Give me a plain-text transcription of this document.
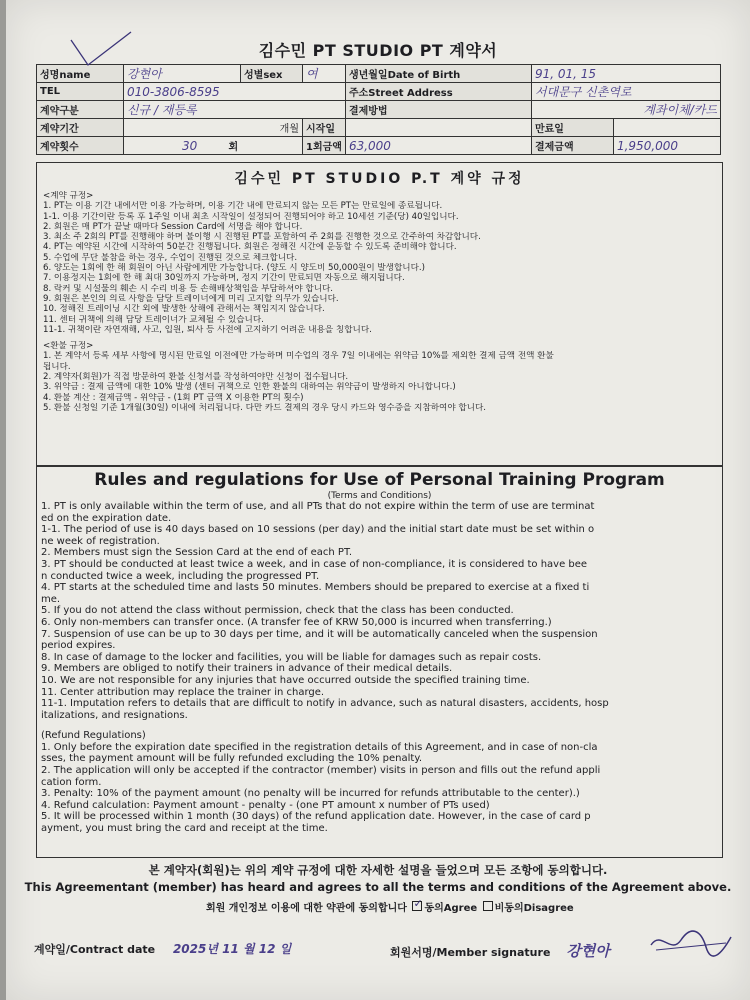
김수민 PT STUDIO PT 계약서
성명name	강현아	성별sex	여	생년월일Date of Birth	91, 01, 15	
TEL	010-3806-8595			주소Street Address	서대문구 신촌역로	
계약구분	신규 / 재등록			결제방법	계좌이체/카드	
계약기간	개월		시작일		만료일	
계약횟수	30 회		1회금액	63,000	결제금액	1,950,000
김수민 PT STUDIO P.T 계약 규정
<계약 규정>
1. PT는 이용 기간 내에서만 이용 가능하며, 이용 기간 내에 만료되지 않는 모든 PT는 만료일에 종료됩니다.
1-1. 이용 기간이란 등록 후 1주일 이내 최초 시작일이 설정되어 진행되어야 하고 10세션 기준(당) 40일입니다.
2. 회원은 매 PT가 끝날 때마다 Session Card에 서명을 해야 합니다.
3. 최소 주 2회의 PT를 진행해야 하며 불이행 시 진행된 PT를 포함하여 주 2회를 진행한 것으로 간주하여 차감합니다.
4. PT는 예약된 시간에 시작하여 50분간 진행됩니다. 회원은 정해진 시간에 운동할 수 있도록 준비해야 합니다.
5. 수업에 무단 불참을 하는 경우, 수업이 진행된 것으로 체크합니다.
6. 양도는 1회에 한 해 회원이 아닌 사람에게만 가능합니다. (양도 시 양도비 50,000원이 발생합니다.)
7. 이용정지는 1회에 한 해 최대 30일까지 가능하며, 정지 기간이 만료되면 자동으로 해지됩니다.
8. 락커 및 시설물의 훼손 시 수리 비용 등 손해배상책임을 부담하셔야 합니다.
9. 회원은 본인의 의료 사항을 담당 트레이너에게 미리 고지할 의무가 있습니다.
10. 정해진 트레이닝 시간 외에 발생한 상해에 관해서는 책임지지 않습니다.
11. 센터 귀책에 의해 담당 트레이너가 교체될 수 있습니다.
11-1. 귀책이란 자연재해, 사고, 입원, 퇴사 등 사전에 고지하기 어려운 내용을 칭합니다.
<환불 규정>
1. 본 계약서 등록 세부 사항에 명시된 만료일 이전에만 가능하며 미수업의 경우 7일 이내에는 위약금 10%를 제외한 결제 금액 전액 환불
됩니다.
2. 계약자(회원)가 직접 방문하여 환불 신청서를 작성하여야만 신청이 접수됩니다.
3. 위약금 : 결제 금액에 대한 10% 발생 (센터 귀책으로 인한 환불의 대하여는 위약금이 발생하지 아니합니다.)
4. 환불 계산 : 결제금액 - 위약금 - (1회 PT 금액 X 이용한 PT의 횟수)
5. 환불 신청일 기준 1개월(30일) 이내에 처리됩니다. 다만 카드 결제의 경우 당시 카드와 영수증을 지참하여야 합니다.
Rules and regulations for Use of Personal Training Program
(Terms and Conditions)
1. PT is only available within the term of use, and all PTs that do not expire within the term of use are terminat
ed on the expiration date.
1-1. The period of use is 40 days based on 10 sessions (per day) and the initial start date must be set within o
ne week of registration.
2. Members must sign the Session Card at the end of each PT.
3. PT should be conducted at least twice a week, and in case of non-compliance, it is considered to have bee
n conducted twice a week, including the progressed PT.
4. PT starts at the scheduled time and lasts 50 minutes. Members should be prepared to exercise at a fixed ti
me.
5. If you do not attend the class without permission, check that the class has been conducted.
6. Only non-members can transfer once. (A transfer fee of KRW 50,000 is incurred when transferring.)
7. Suspension of use can be up to 30 days per time, and it will be automatically canceled when the suspension
period expires.
8. In case of damage to the locker and facilities, you will be liable for damages such as repair costs.
9. Members are obliged to notify their trainers in advance of their medical details.
10. We are not responsible for any injuries that have occurred outside the specified training time.
11. Center attribution may replace the trainer in charge.
11-1. Imputation refers to details that are difficult to notify in advance, such as natural disasters, accidents, hosp
italizations, and resignations.
(Refund Regulations)
1. Only before the expiration date specified in the registration details of this Agreement, and in case of non-cla
sses, the payment amount will be fully refunded excluding the 10% penalty.
2. The application will only be accepted if the contractor (member) visits in person and fills out the refund appli
cation form.
3. Penalty: 10% of the payment amount (no penalty will be incurred for refunds attributable to the center).)
4. Refund calculation: Payment amount - penalty - (one PT amount x number of PTs used)
5. It will be processed within 1 month (30 days) of the refund application date. However, in the case of card p
ayment, you must bring the card and receipt at the time.
본 계약자(회원)는 위의 계약 규정에 대한 자세한 설명을 들었으며 모든 조항에 동의합니다.
This Agreementant (member) has heard and agrees to all the terms and conditions of the Agreement above.
회원 개인정보 이용에 대한 약관에 동의합니다 ✓ 동의Agree 비동의Disagree
계약일/Contract date 2025년 11 월 12 일	회원서명/Member signature 강현아
